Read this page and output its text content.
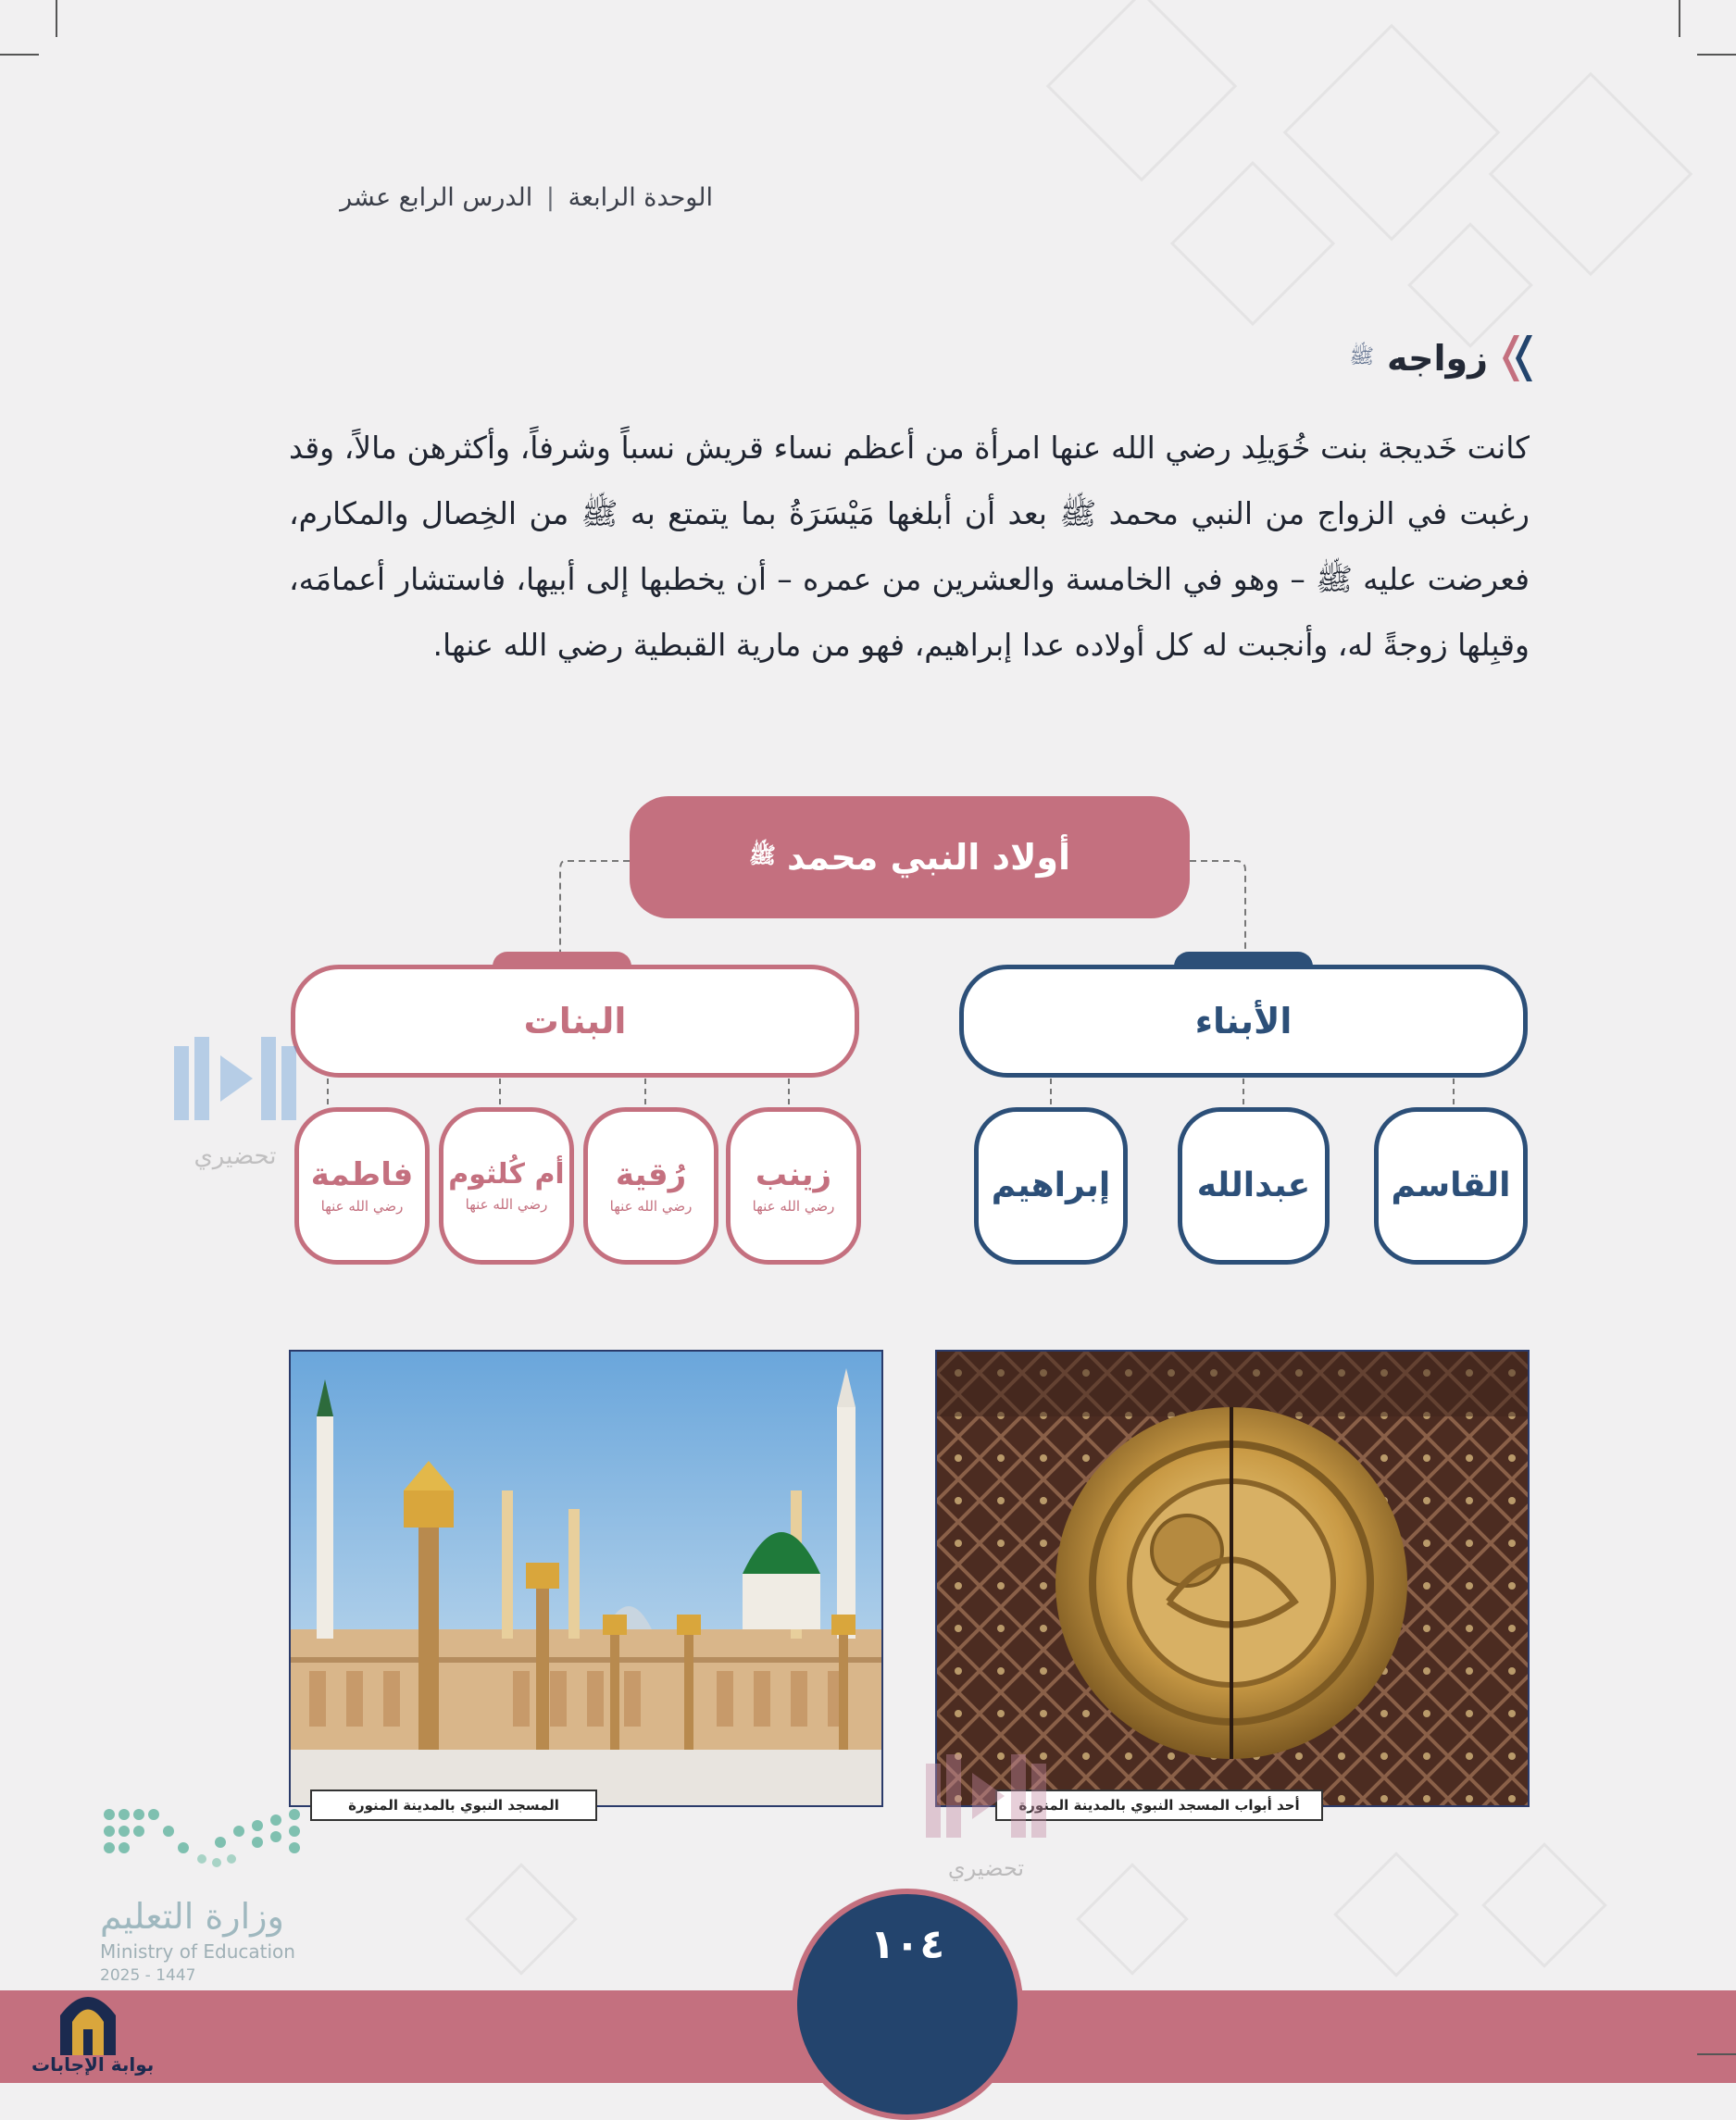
الوحدة الرابعة | الدرس الرابع عشر
زواجه
ﷺ
كانت خَديجة بنت خُوَيلِد رضي الله عنها امرأة من أعظم نساء قريش نسباً وشرفاً، وأكثرهن مالاً، وقد رغبت في الزواج من النبي محمد ﷺ بعد أن أبلغها مَيْسَرَةُ بما يتمتع به ﷺ من الخِصال والمكارم، فعرضت عليه ﷺ – وهو في الخامسة والعشرين من عمره – أن يخطبها إلى أبيها، فاستشار أعمامَه، وقبِلها زوجةً له، وأنجبت له كل أولاده عدا إبراهيم، فهو من مارية القبطية رضي الله عنها.
أولاد النبي محمد
ﷺ
الأبناء
البنات
القاسم
عبدالله
إبراهيم
زينب
رضي الله عنها
رُقية
رضي الله عنها
أم كُلثوم
رضي الله عنها
فاطمة
رضي الله عنها
تحضيري
أحد أبواب المسجد النبوي بالمدينة المنورة
المسجد النبوي بالمدينة المنورة
تحضيري
وزارة التعليم
Ministry of Education
2025 - 1447
١٠٤
بوابة الإجابات
